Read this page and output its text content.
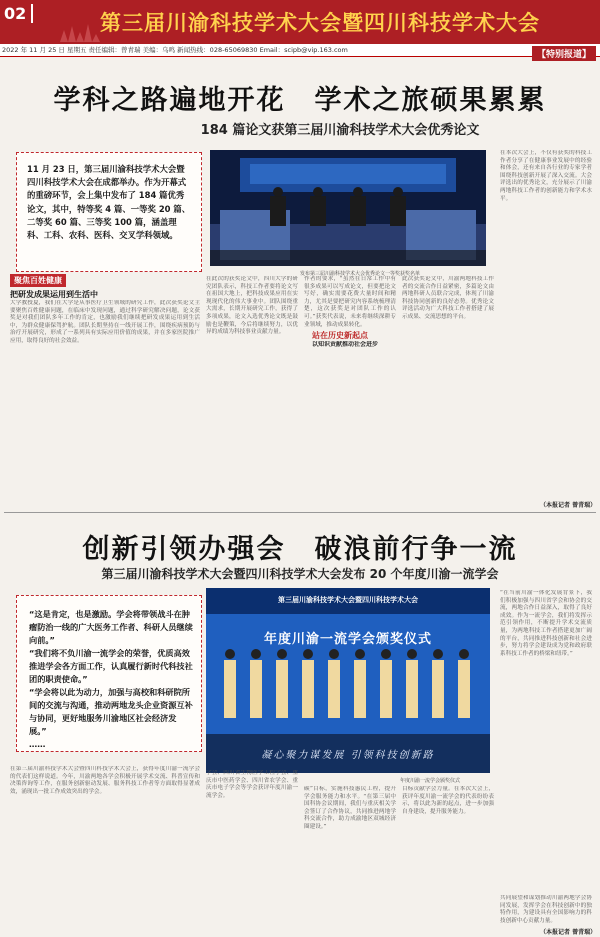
02	第三届川渝科技学术大会暨四川科技学术大会
2022 年 11 月 25 日 星期五 责任编辑：曾青瑞 美编：乌鸣 新闻热线：028-65069830 Email：scipb@vip.163.com	【特别报道】
学科之路遍地开花　学术之旅硕果累累
184 篇论文获第三届川渝科技学术大会优秀论文
11 月 23 日，第三届川渝科技学术大会暨四川科技学术大会在成都举办。作为开幕式的重磅环节，会上集中发布了 184 篇优秀论文，其中，特等奖 4 篇、一等奖 20 篇、二等奖 60 篇、三等奖 100 篇，涵盖理科、工科、农科、医科、交叉学科领域。
聚焦百姓健康
把研发成果运用到生活中
大学教授夏，我们在大学是从事医疗卫生领域的研究工作，此次获奖论文主要聚焦百姓健康问题，在临床中发现问题，通过科学研究解决问题，论文获奖是对我们团队多年工作的肯定，也激励我们继续把研发成果运用到生活中，为群众健康保驾护航。团队长期坚持在一线开展工作，围绕疾病预防与治疗开展研究，形成了一系列具有实际应用价值的成果，并在多家医院推广应用，取得良好的社会效益。
在此次的获奖论文中，四川大学的研究团队表示，科技工作者要将论文写在祖国大地上，把科技成果应用在实现现代化的伟大事业中。团队围绕重大需求，长期开展研究工作，获得了多项成果，论文入选优秀论文既是鼓励也是鞭策，今后将继续努力，以优异的成绩为科技事业贡献力量。
发布第三届川渝科技学术大会优秀论文一等奖获奖名单
作者的要求，“虽然在日常工作中有很多成果可以写成论文，但要把论文写好，确实需要花费大量时间和精力，尤其是要把研究内容系统梳理清楚，这次获奖是对团队工作的认可。”获奖代表说，未来将继续深耕专业领域，推动成果转化。
站在历史新起点
以知识贡献推动社会进步
此次获奖论文中，川渝两地科技工作者的交流合作日益紧密，多篇论文由两地科研人员联合完成，体现了川渝科技协同创新的良好态势。优秀论文评选活动为广大科技工作者搭建了展示成果、交流思想的平台。
在本次大会上，不仅有获奖的科技工作者分享了在健康事业发展中的经验和体会，还有来自各行业的专家学者围绕科技创新开展了深入交流。大会评选出的优秀论文，充分展示了川渝两地科技工作者的创新能力和学术水平。
（本报记者 曾青瑞）
创新引领办强会　破浪前行争一流
第三届川渝科技学术大会暨四川科技学术大会发布 20 个年度川渝一流学会
“这是肯定，也是激励。学会将带领战斗在肿瘤防治一线的广大医务工作者、科研人员继续向前。”
“我们将不负川渝一流学会的荣誉，优质高效推进学会各方面工作，认真履行新时代科技社团的职责使命。”
“学会将以此为动力，加强与高校和科研院所间的交流与沟通，推动两地龙头企业资源互补与协同，更好地服务川渝地区社会经济发展。”
……
在第三届川渝科技学术大会暨四川科技学术大会上，获得年度川渝一流学会的代表们这样说道。今年，川渝两地各学会积极开展学术交流、科普宣传和决策咨询等工作，在服务创新驱动发展、服务科技工作者等方面取得显著成效，涌现出一批工作成效突出的学会。
第三届川渝科技学术大会暨四川科技学术大会
年度川渝一流学会颁奖仪式
凝心聚力谋发展 引领科技创新路
年度川渝一流学会颁奖仪式
学会、四川省生物医学工程学会、重庆市中医药学会、四川省农学会、重庆市电子学会等学会获评年度川渝一流学会。
碳”目标，实施科技惠民工程，提升学会服务能力和水平。“在第三届中国科协会议期间，我们与重庆相关学会签订了合作协议，共同推进两地学科交流合作，助力成渝地区双城经济圈建设。”
目标贡献学会力量。在本次大会上，获评年度川渝一流学会的代表纷纷表示，将以此为新的起点，进一步加强自身建设，提升服务能力。
“在当前川渝一体化发展背景下，我们积极加强与四川省学会和协会的交流，两地合作日益深入，取得了良好成效。作为一流学会，我们将发挥示范引领作用，不断提升学术交流质量，为两地科技工作者搭建更加广阔的平台，共同推进科技创新和社会进步，努力将学会建设成为党和政府联系科技工作者的桥梁和纽带。”
共同展望和谋划推动川渝两地学会协同发展，发挥学会在科技创新中的独特作用，为建设具有全国影响力的科技创新中心贡献力量。
（本报记者 曾青瑞）
